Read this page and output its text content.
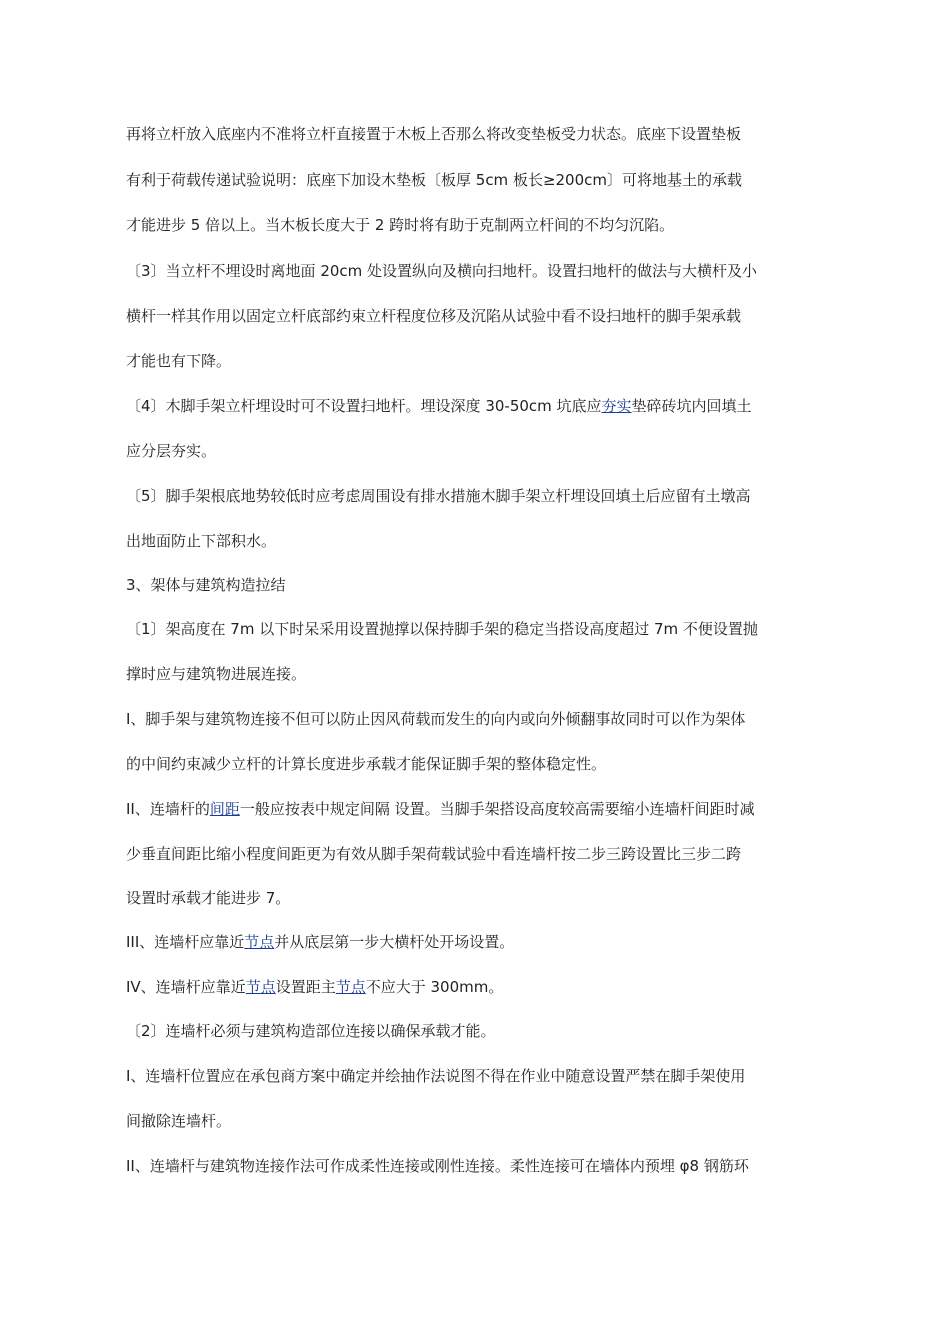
再将立杆放入底座内不准将立杆直接置于木板上否那么将改变垫板受力状态。底座下设置垫板
有利于荷载传递试验说明：底座下加设木垫板〔板厚 5cm 板长≥200cm〕可将地基土的承载
才能进步 5 倍以上。当木板长度大于 2 跨时将有助于克制两立杆间的不均匀沉陷。
〔3〕当立杆不埋设时离地面 20cm 处设置纵向及横向扫地杆。设置扫地杆的做法与大横杆及小
横杆一样其作用以固定立杆底部约束立杆程度位移及沉陷从试验中看不设扫地杆的脚手架承载
才能也有下降。
〔4〕木脚手架立杆埋设时可不设置扫地杆。埋设深度 30-50cm 坑底应夯实垫碎砖坑内回填土
应分层夯实。
〔5〕脚手架根底地势较低时应考虑周围设有排水措施木脚手架立杆埋设回填土后应留有土墩高
出地面防止下部积水。
3、架体与建筑构造拉结
〔1〕架高度在 7m 以下时呆采用设置抛撑以保持脚手架的稳定当搭设高度超过 7m 不便设置抛
撑时应与建筑物进展连接。
I、脚手架与建筑物连接不但可以防止因风荷载而发生的向内或向外倾翻事故同时可以作为架体
的中间约束减少立杆的计算长度进步承载才能保证脚手架的整体稳定性。
II、连墙杆的间距一般应按表中规定间隔 设置。当脚手架搭设高度较高需要缩小连墙杆间距时减
少垂直间距比缩小程度间距更为有效从脚手架荷载试验中看连墙杆按二步三跨设置比三步二跨
设置时承载才能进步 7。
III、连墙杆应靠近节点并从底层第一步大横杆处开场设置。
IV、连墙杆应靠近节点设置距主节点不应大于 300mm。
〔2〕连墙杆必须与建筑构造部位连接以确保承载才能。
I、连墙杆位置应在承包商方案中确定并绘抽作法说图不得在作业中随意设置严禁在脚手架使用
间撤除连墙杆。
II、连墙杆与建筑物连接作法可作成柔性连接或刚性连接。柔性连接可在墙体内预埋 φ8 钢筋环
